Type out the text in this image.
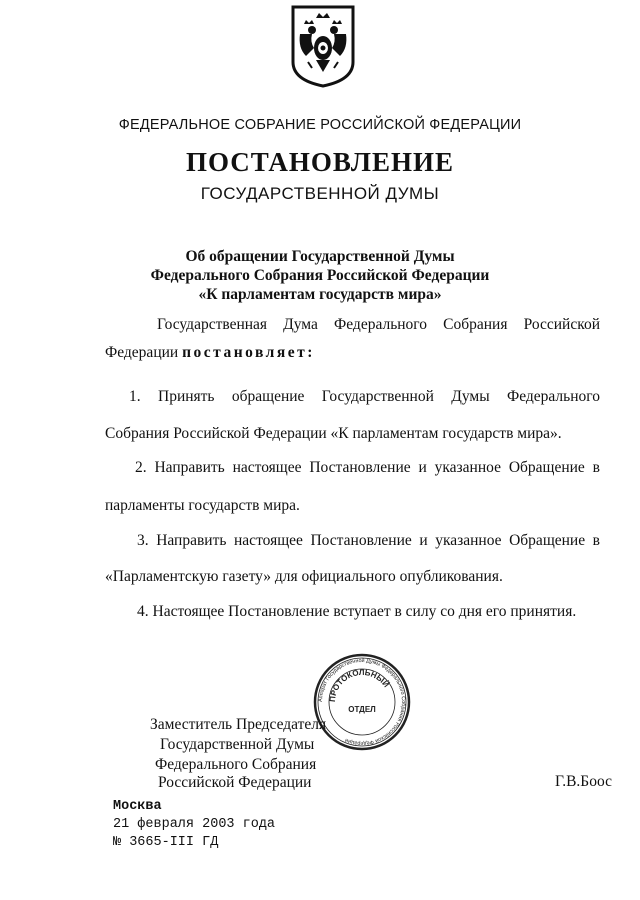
ФЕДЕРАЛЬНОЕ СОБРАНИЕ РОССИЙСКОЙ ФЕДЕРАЦИИ
ПОСТАНОВЛЕНИЕ
ГОСУДАРСТВЕННОЙ ДУМЫ
Об обращении Государственной Думы
Федерального Собрания Российской Федерации
«К парламентам государств мира»
Государственная Дума Федерального Собрания Российской
Федерации постановляет:
1. Принять обращение Государственной Думы Федерального
Собрания Российской Федерации «К парламентам государств мира».
2. Направить настоящее Постановление и указанное Обращение в
парламенты государств мира.
3. Направить настоящее Постановление и указанное Обращение в
«Парламентскую газету» для официального опубликования.
4. Настоящее Постановление вступает в силу со дня его принятия.
Аппарат Государственной Думы Федерального Собрания Российской Федерации
ПРОТОКОЛЬНЫЙ
ОТДЕЛ
Заместитель Председателя
Государственной Думы
Федерального Собрания
Российской Федерации	Г.В.Боос
Москва
21 февраля 2003 года
№ 3665-III ГД
